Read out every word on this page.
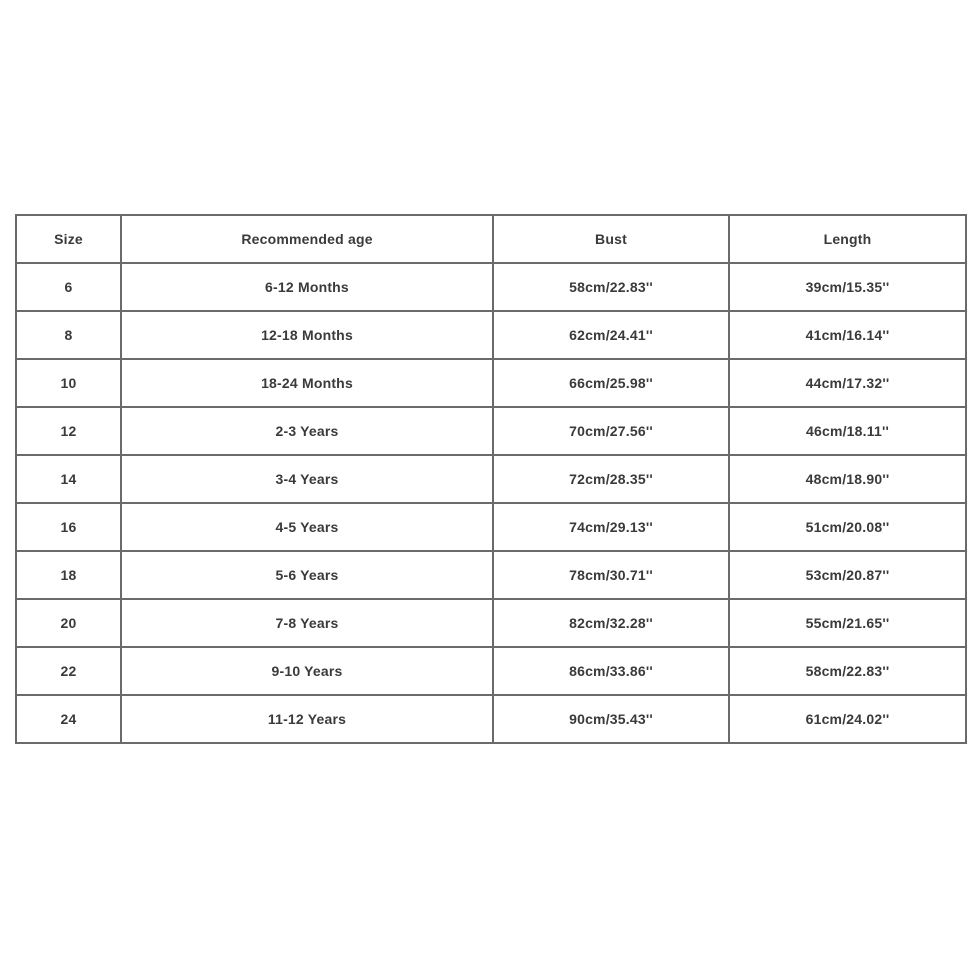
Size	Recommended age	Bust	Length
6	6-12 Months	58cm/22.83''	39cm/15.35''
8	12-18 Months	62cm/24.41''	41cm/16.14''
10	18-24 Months	66cm/25.98''	44cm/17.32''
12	2-3 Years	70cm/27.56''	46cm/18.11''
14	3-4 Years	72cm/28.35''	48cm/18.90''
16	4-5 Years	74cm/29.13''	51cm/20.08''
18	5-6 Years	78cm/30.71''	53cm/20.87''
20	7-8 Years	82cm/32.28''	55cm/21.65''
22	9-10 Years	86cm/33.86''	58cm/22.83''
24	11-12 Years	90cm/35.43''	61cm/24.02''
